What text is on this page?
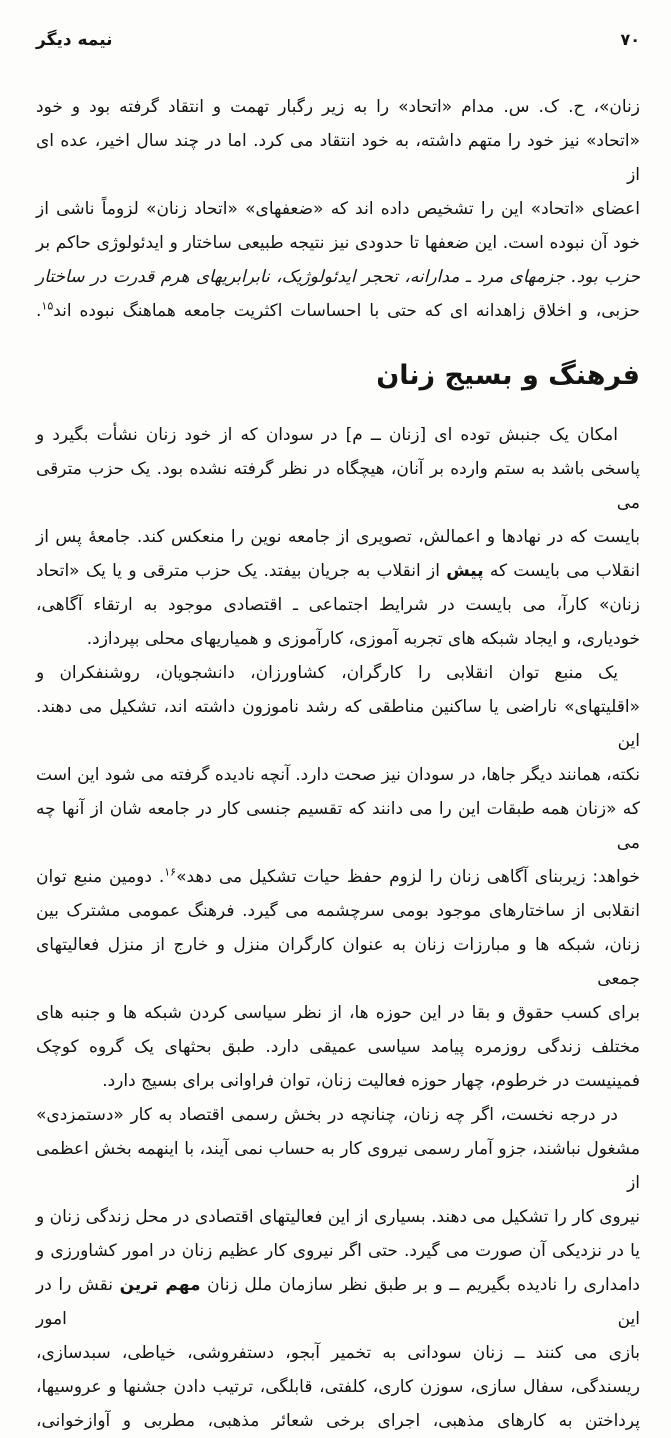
۷۰
نيمه ديگر
زنان»، ح. ک. س. مدام «اتحاد» را به زیر رگبار تهمت و انتقاد گرفته بود و خود
«اتحاد» نیز خود را متهم داشته، به خود انتقاد می کرد. اما در چند سال اخیر، عده ای از
اعضای «اتحاد» این را تشخیص داده اند که «ضعفهای» «اتحاد زنان» لزوماً ناشی از
خود آن نبوده است. این ضعفها تا حدودی نیز نتیجه طبیعی ساختار و ایدئولوژی حاکم بر
حزب بود. جزمهای مرد ـ مدارانه، تحجر ایدئولوژیک، نابرابریهای هرم قدرت در ساختار
حزبی، و اخلاق زاهدانه ای که حتی با احساسات اکثریت جامعه هماهنگ نبوده اند$^{۱۵}$.
فرهنگ و بسیج زنان
امکان یک جنبش توده ای [زنان ــ م] در سودان که از خود زنان نشأت بگیرد و
پاسخی باشد به ستم وارده بر آنان، هیچگاه در نظر گرفته نشده بود. یک حزب مترقی می
بایست که در نهادها و اعمالش، تصویری از جامعه نوین را منعکس کند. جامعهٔ پس از
انقلاب می بایست که پیش از انقلاب به جریان بیفتد. یک حزب مترقی و یا یک «اتحاد
زنان» کارآ، می بایست در شرایط اجتماعی ـ اقتصادی موجود به ارتقاء آگاهی،
خودیاری، و ایجاد شبکه های تجربه آموزی، کارآموزی و همیاریهای محلی بپردازد.
یک منبع توان انقلابی را کارگران، کشاورزان، دانشجویان، روشنفکران و
«اقلیتهای» ناراضی یا ساکنین مناطقی که رشد ناموزون داشته اند، تشکیل می دهند. این
نکته، همانند دیگر جاها، در سودان نیز صحت دارد. آنچه نادیده گرفته می شود این است
که «زنان همه طبقات این را می دانند که تقسیم جنسی کار در جامعه شان از آنها چه می
خواهد: زیربنای آگاهی زنان را لزوم حفظ حیات تشکیل می دهد»$^{۱۶}$. دومین منبع توان
انقلابی از ساختارهای موجود بومی سرچشمه می گیرد. فرهنگ عمومی مشترک بین
زنان، شبکه ها و مبارزات زنان به عنوان کارگران منزل و خارج از منزل فعالیتهای جمعی
برای کسب حقوق و بقا در این حوزه ها، از نظر سیاسی کردن شبکه ها و جنبه های
مختلف زندگی روزمره پیامد سیاسی عمیقی دارد. طبق بحثهای یک گروه کوچک
فمینیست در خرطوم، چهار حوزه فعالیت زنان، توان فراوانی برای بسیج دارد.
در درجه نخست، اگر چه زنان، چنانچه در بخش رسمی اقتصاد به کار «دستمزدی»
مشغول نباشند، جزو آمار رسمی نیروی کار به حساب نمی آیند، با اینهمه بخش اعظمی از
نیروی کار را تشکیل می دهند. بسیاری از این فعالیتهای اقتصادی در محل زندگی زنان و
یا در نزدیکی آن صورت می گیرد. حتی اگر نیروی کار عظیم زنان در امور کشاورزی و
دامداری را نادیده بگیریم ــ و بر طبق نظر سازمان ملل زنان مهم ترین نقش را در این امور
بازی می کنند ــ زنان سودانی به تخمیر آبجو، دستفروشی، خیاطی، سبدسازی،
ریسندگی، سفال سازی، سوزن کاری، کلفتی، قابلگی، ترتیب دادن جشنها و عروسیها،
پرداختن به کارهای مذهبی، اجرای برخی شعائر مذهبی، مطربی و آوازخوانی،
